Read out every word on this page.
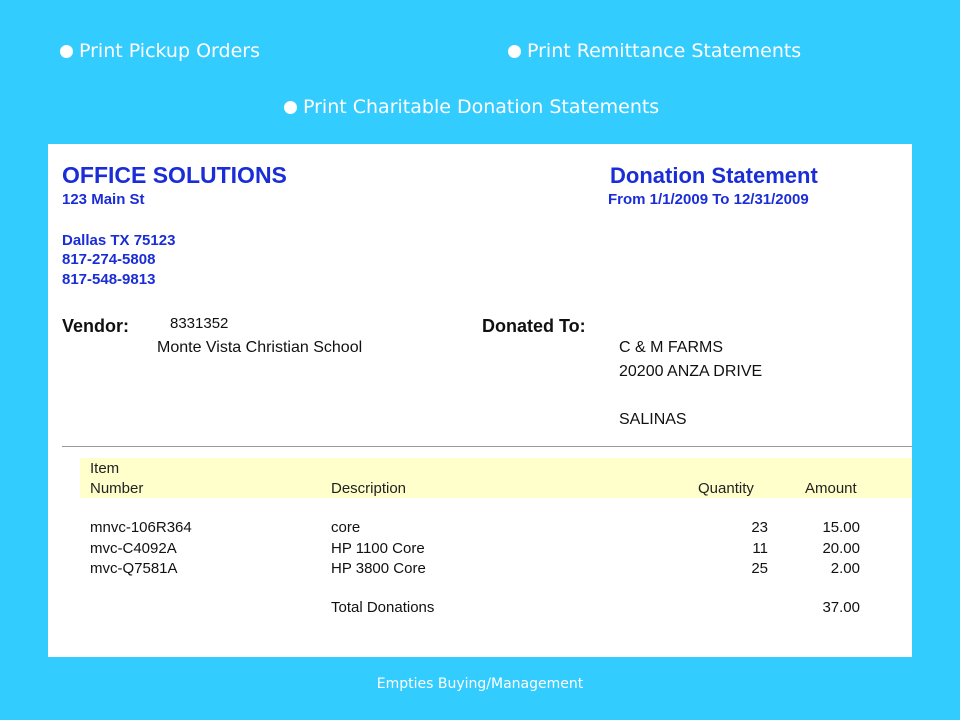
Print Pickup Orders	Print Remittance Statements
Print Charitable Donation Statements
OFFICE SOLUTIONS
123 Main St
Dallas TX 75123
817-274-5808
817-548-9813
Donation Statement
From 1/1/2009 To 12/31/2009
Vendor:	8331352
Monte Vista Christian School
Donated To:
C & M FARMS
20200 ANZA DRIVE
SALINAS
Item
Number	Description	Quantity	Amount
mnvc-106R364	core	23	15.00
mvc-C4092A	HP 1100 Core	11	20.00
mvc-Q7581A	HP 3800 Core	25	2.00
Total Donations	37.00
Empties Buying/Management
